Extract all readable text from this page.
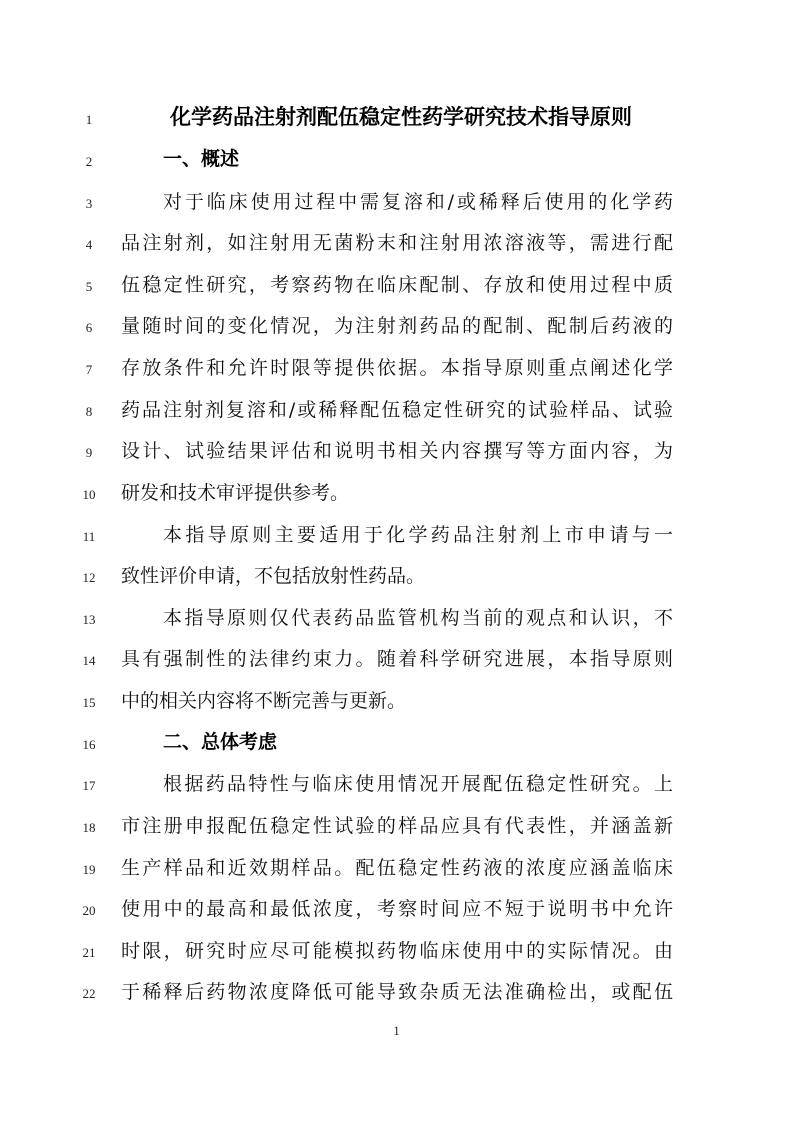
1	化学药品注射剂配伍稳定性药学研究技术指导原则
2	一、概述
3	对于临床使用过程中需复溶和/或稀释后使用的化学药
4	品注射剂，如注射用无菌粉末和注射用浓溶液等，需进行配
5	伍稳定性研究，考察药物在临床配制、存放和使用过程中质
6	量随时间的变化情况，为注射剂药品的配制、配制后药液的
7	存放条件和允许时限等提供依据。本指导原则重点阐述化学
8	药品注射剂复溶和/或稀释配伍稳定性研究的试验样品、试验
9	设计、试验结果评估和说明书相关内容撰写等方面内容，为
10	研发和技术审评提供参考。
11	本指导原则主要适用于化学药品注射剂上市申请与一
12	致性评价申请，不包括放射性药品。
13	本指导原则仅代表药品监管机构当前的观点和认识，不
14	具有强制性的法律约束力。随着科学研究进展，本指导原则
15	中的相关内容将不断完善与更新。
16	二、总体考虑
17	根据药品特性与临床使用情况开展配伍稳定性研究。上
18	市注册申报配伍稳定性试验的样品应具有代表性，并涵盖新
19	生产样品和近效期样品。配伍稳定性药液的浓度应涵盖临床
20	使用中的最高和最低浓度，考察时间应不短于说明书中允许
21	时限，研究时应尽可能模拟药物临床使用中的实际情况。由
22	于稀释后药物浓度降低可能导致杂质无法准确检出，或配伍
1
